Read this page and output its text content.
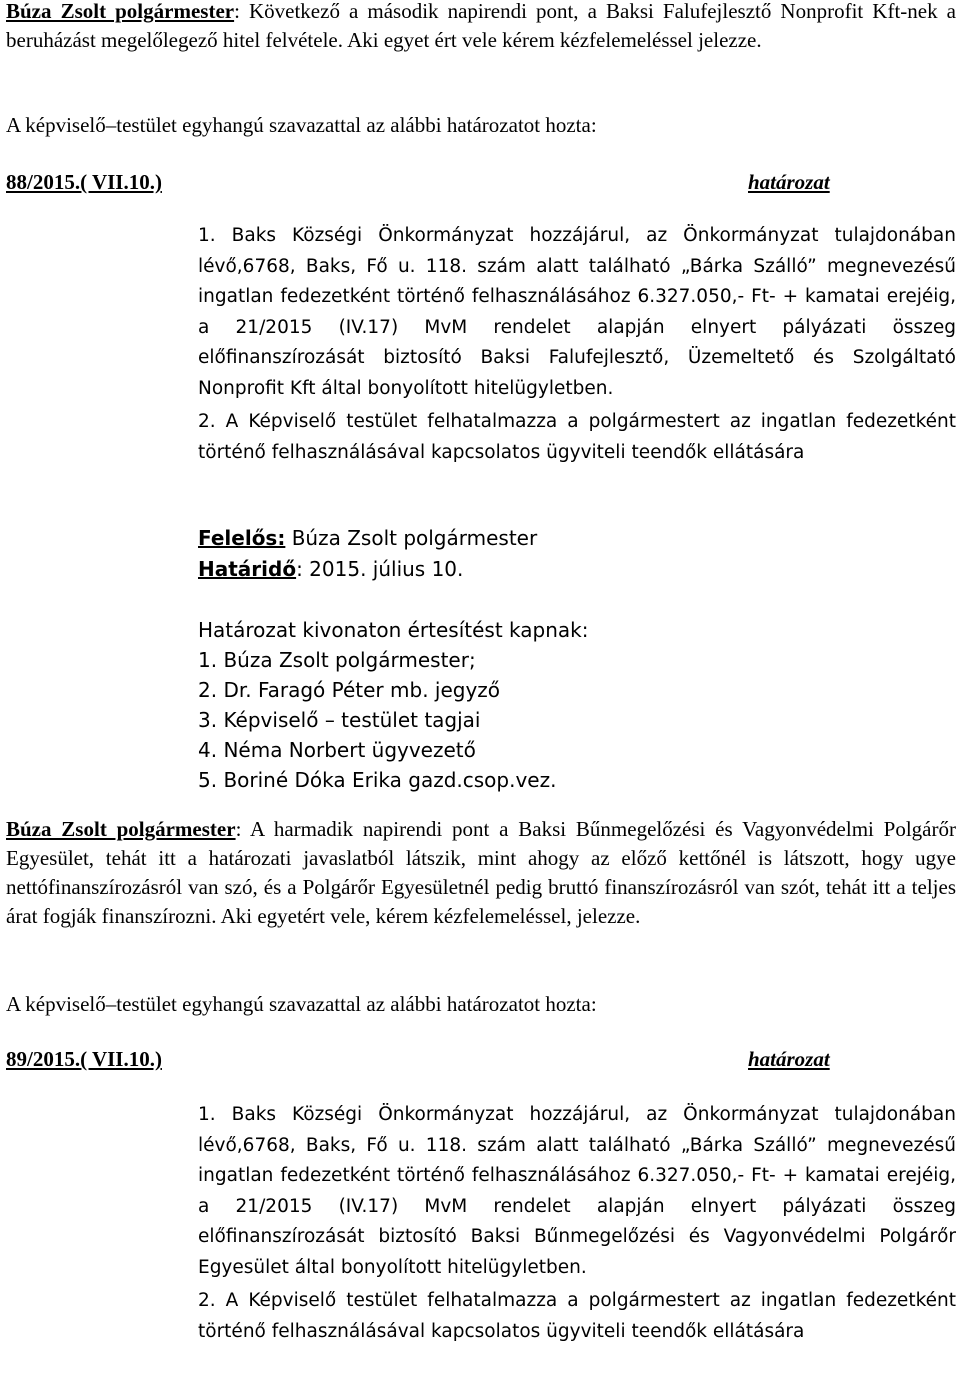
Búza Zsolt polgármester: Következő a második napirendi pont, a Baksi Falufejlesztő Nonprofit Kft-nek a beruházást megelőlegező hitel felvétele. Aki egyet ért vele kérem kézfelemeléssel jelezze.
A képviselő–testület egyhangú szavazattal az alábbi határozatot hozta:
88/2015.( VII.10.)	határozat
1. Baks Községi Önkormányzat hozzájárul, az Önkormányzat tulajdonában lévő,6768, Baks, Fő u. 118. szám alatt található „Bárka Szálló” megnevezésű ingatlan fedezetként történő felhasználásához 6.327.050,- Ft- + kamatai erejéig, a 21/2015 (IV.17) MvM rendelet alapján elnyert pályázati összeg előfinanszírozását biztosító Baksi Falufejlesztő, Üzemeltető és Szolgáltató Nonprofit Kft által bonyolított hitelügyletben.
2. A Képviselő testület felhatalmazza a polgármestert az ingatlan fedezetként történő felhasználásával kapcsolatos ügyviteli teendők ellátására
Felelős: Búza Zsolt polgármester
Határidő: 2015. július 10.
Határozat kivonaton értesítést kapnak:
1. Búza Zsolt polgármester;
2. Dr. Faragó Péter mb. jegyző
3. Képviselő – testület tagjai
4. Néma Norbert ügyvezető
5. Boriné Dóka Erika gazd.csop.vez.
Búza Zsolt polgármester: A harmadik napirendi pont a Baksi Bűnmegelőzési és Vagyonvédelmi Polgárőr Egyesület, tehát itt a határozati javaslatból látszik, mint ahogy az előző kettőnél is látszott, hogy ugye nettófinanszírozásról van szó, és a Polgárőr Egyesületnél pedig bruttó finanszírozásról van szót, tehát itt a teljes árat fogják finanszírozni. Aki egyetért vele, kérem kézfelemeléssel, jelezze.
A képviselő–testület egyhangú szavazattal az alábbi határozatot hozta:
89/2015.( VII.10.)	határozat
1. Baks Községi Önkormányzat hozzájárul, az Önkormányzat tulajdonában lévő,6768, Baks, Fő u. 118. szám alatt található „Bárka Szálló” megnevezésű ingatlan fedezetként történő felhasználásához 6.327.050,- Ft- + kamatai erejéig, a 21/2015 (IV.17) MvM rendelet alapján elnyert pályázati összeg előfinanszírozását biztosító Baksi Bűnmegelőzési és Vagyonvédelmi Polgárőr Egyesület által bonyolított hitelügyletben.
2. A Képviselő testület felhatalmazza a polgármestert az ingatlan fedezetként történő felhasználásával kapcsolatos ügyviteli teendők ellátására
